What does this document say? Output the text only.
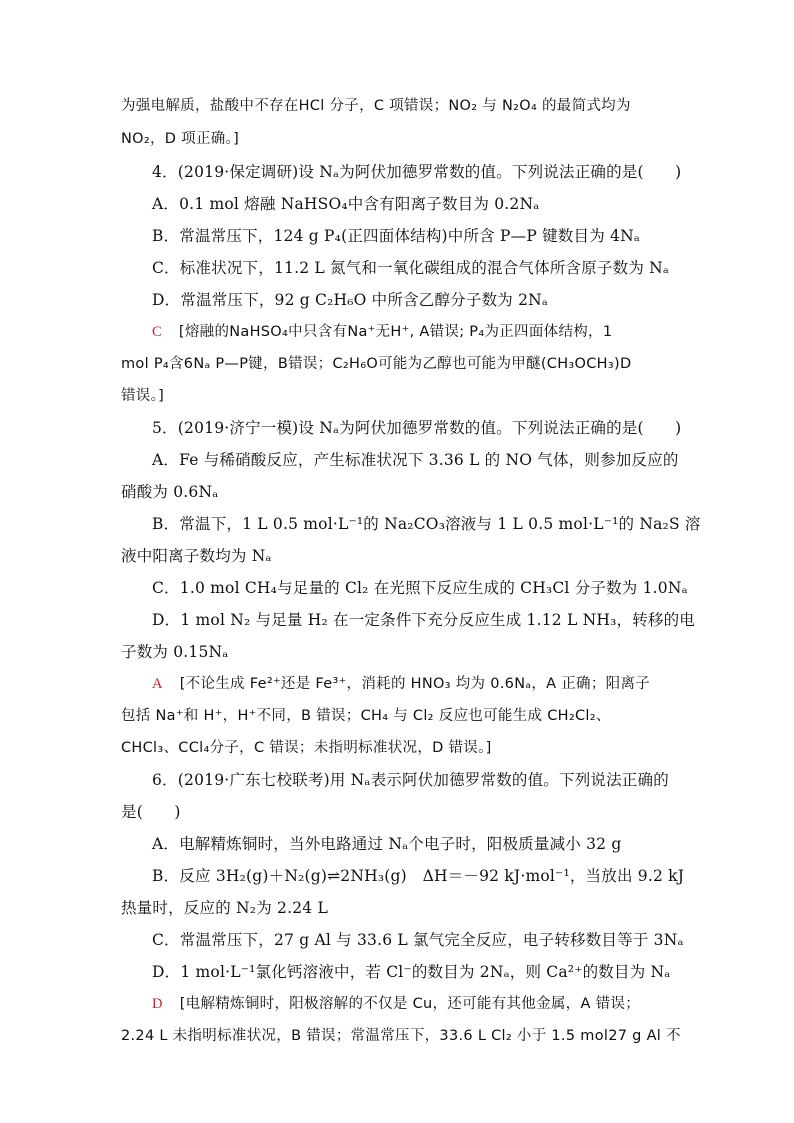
为强电解质，盐酸中不存在HCl 分子，C 项错误；NO₂ 与 N₂O₄ 的最简式均为
NO₂，D 项正确。]
4．(2019·保定调研)设 Nₐ为阿伏加德罗常数的值。下列说法正确的是(　　)
A．0.1 mol 熔融 NaHSO₄中含有阳离子数目为 0.2Nₐ
B．常温常压下，124 g P₄(正四面体结构)中所含 P—P 键数目为 4Nₐ
C．标准状况下，11.2 L 氮气和一氧化碳组成的混合气体所含原子数为 Nₐ
D．常温常压下，92 g C₂H₆O 中所含乙醇分子数为 2Nₐ
C [熔融的NaHSO₄中只含有Na⁺无H⁺, A错误; P₄为正四面体结构，1
mol P₄含6Nₐ P—P键，B错误；C₂H₆O可能为乙醇也可能为甲醚(CH₃OCH₃)D
错误。]
5．(2019·济宁一模)设 Nₐ为阿伏加德罗常数的值。下列说法正确的是(　　)
A．Fe 与稀硝酸反应，产生标准状况下 3.36 L 的 NO 气体，则参加反应的
硝酸为 0.6Nₐ
B．常温下，1 L 0.5 mol·L⁻¹的 Na₂CO₃溶液与 1 L 0.5 mol·L⁻¹的 Na₂S 溶
液中阳离子数均为 Nₐ
C．1.0 mol CH₄与足量的 Cl₂ 在光照下反应生成的 CH₃Cl 分子数为 1.0Nₐ
D．1 mol N₂ 与足量 H₂ 在一定条件下充分反应生成 1.12 L NH₃，转移的电
子数为 0.15Nₐ
A [不论生成 Fe²⁺还是 Fe³⁺，消耗的 HNO₃ 均为 0.6Nₐ，A 正确；阳离子
包括 Na⁺和 H⁺，H⁺不同，B 错误；CH₄ 与 Cl₂ 反应也可能生成 CH₂Cl₂、
CHCl₃、CCl₄分子，C 错误；未指明标准状况，D 错误。]
6．(2019·广东七校联考)用 Nₐ表示阿伏加德罗常数的值。下列说法正确的
是(　　)
A．电解精炼铜时，当外电路通过 Nₐ个电子时，阳极质量减小 32 g
B．反应 3H₂(g)＋N₂(g)⇌2NH₃(g)　ΔH＝－92 kJ·mol⁻¹，当放出 9.2 kJ
热量时，反应的 N₂为 2.24 L
C．常温常压下，27 g Al 与 33.6 L 氯气完全反应，电子转移数目等于 3Nₐ
D．1 mol·L⁻¹氯化钙溶液中，若 Cl⁻的数目为 2Nₐ，则 Ca²⁺的数目为 Nₐ
D [电解精炼铜时，阳极溶解的不仅是 Cu，还可能有其他金属，A 错误；
2.24 L 未指明标准状况，B 错误；常温常压下，33.6 L Cl₂ 小于 1.5 mol27 g Al 不
